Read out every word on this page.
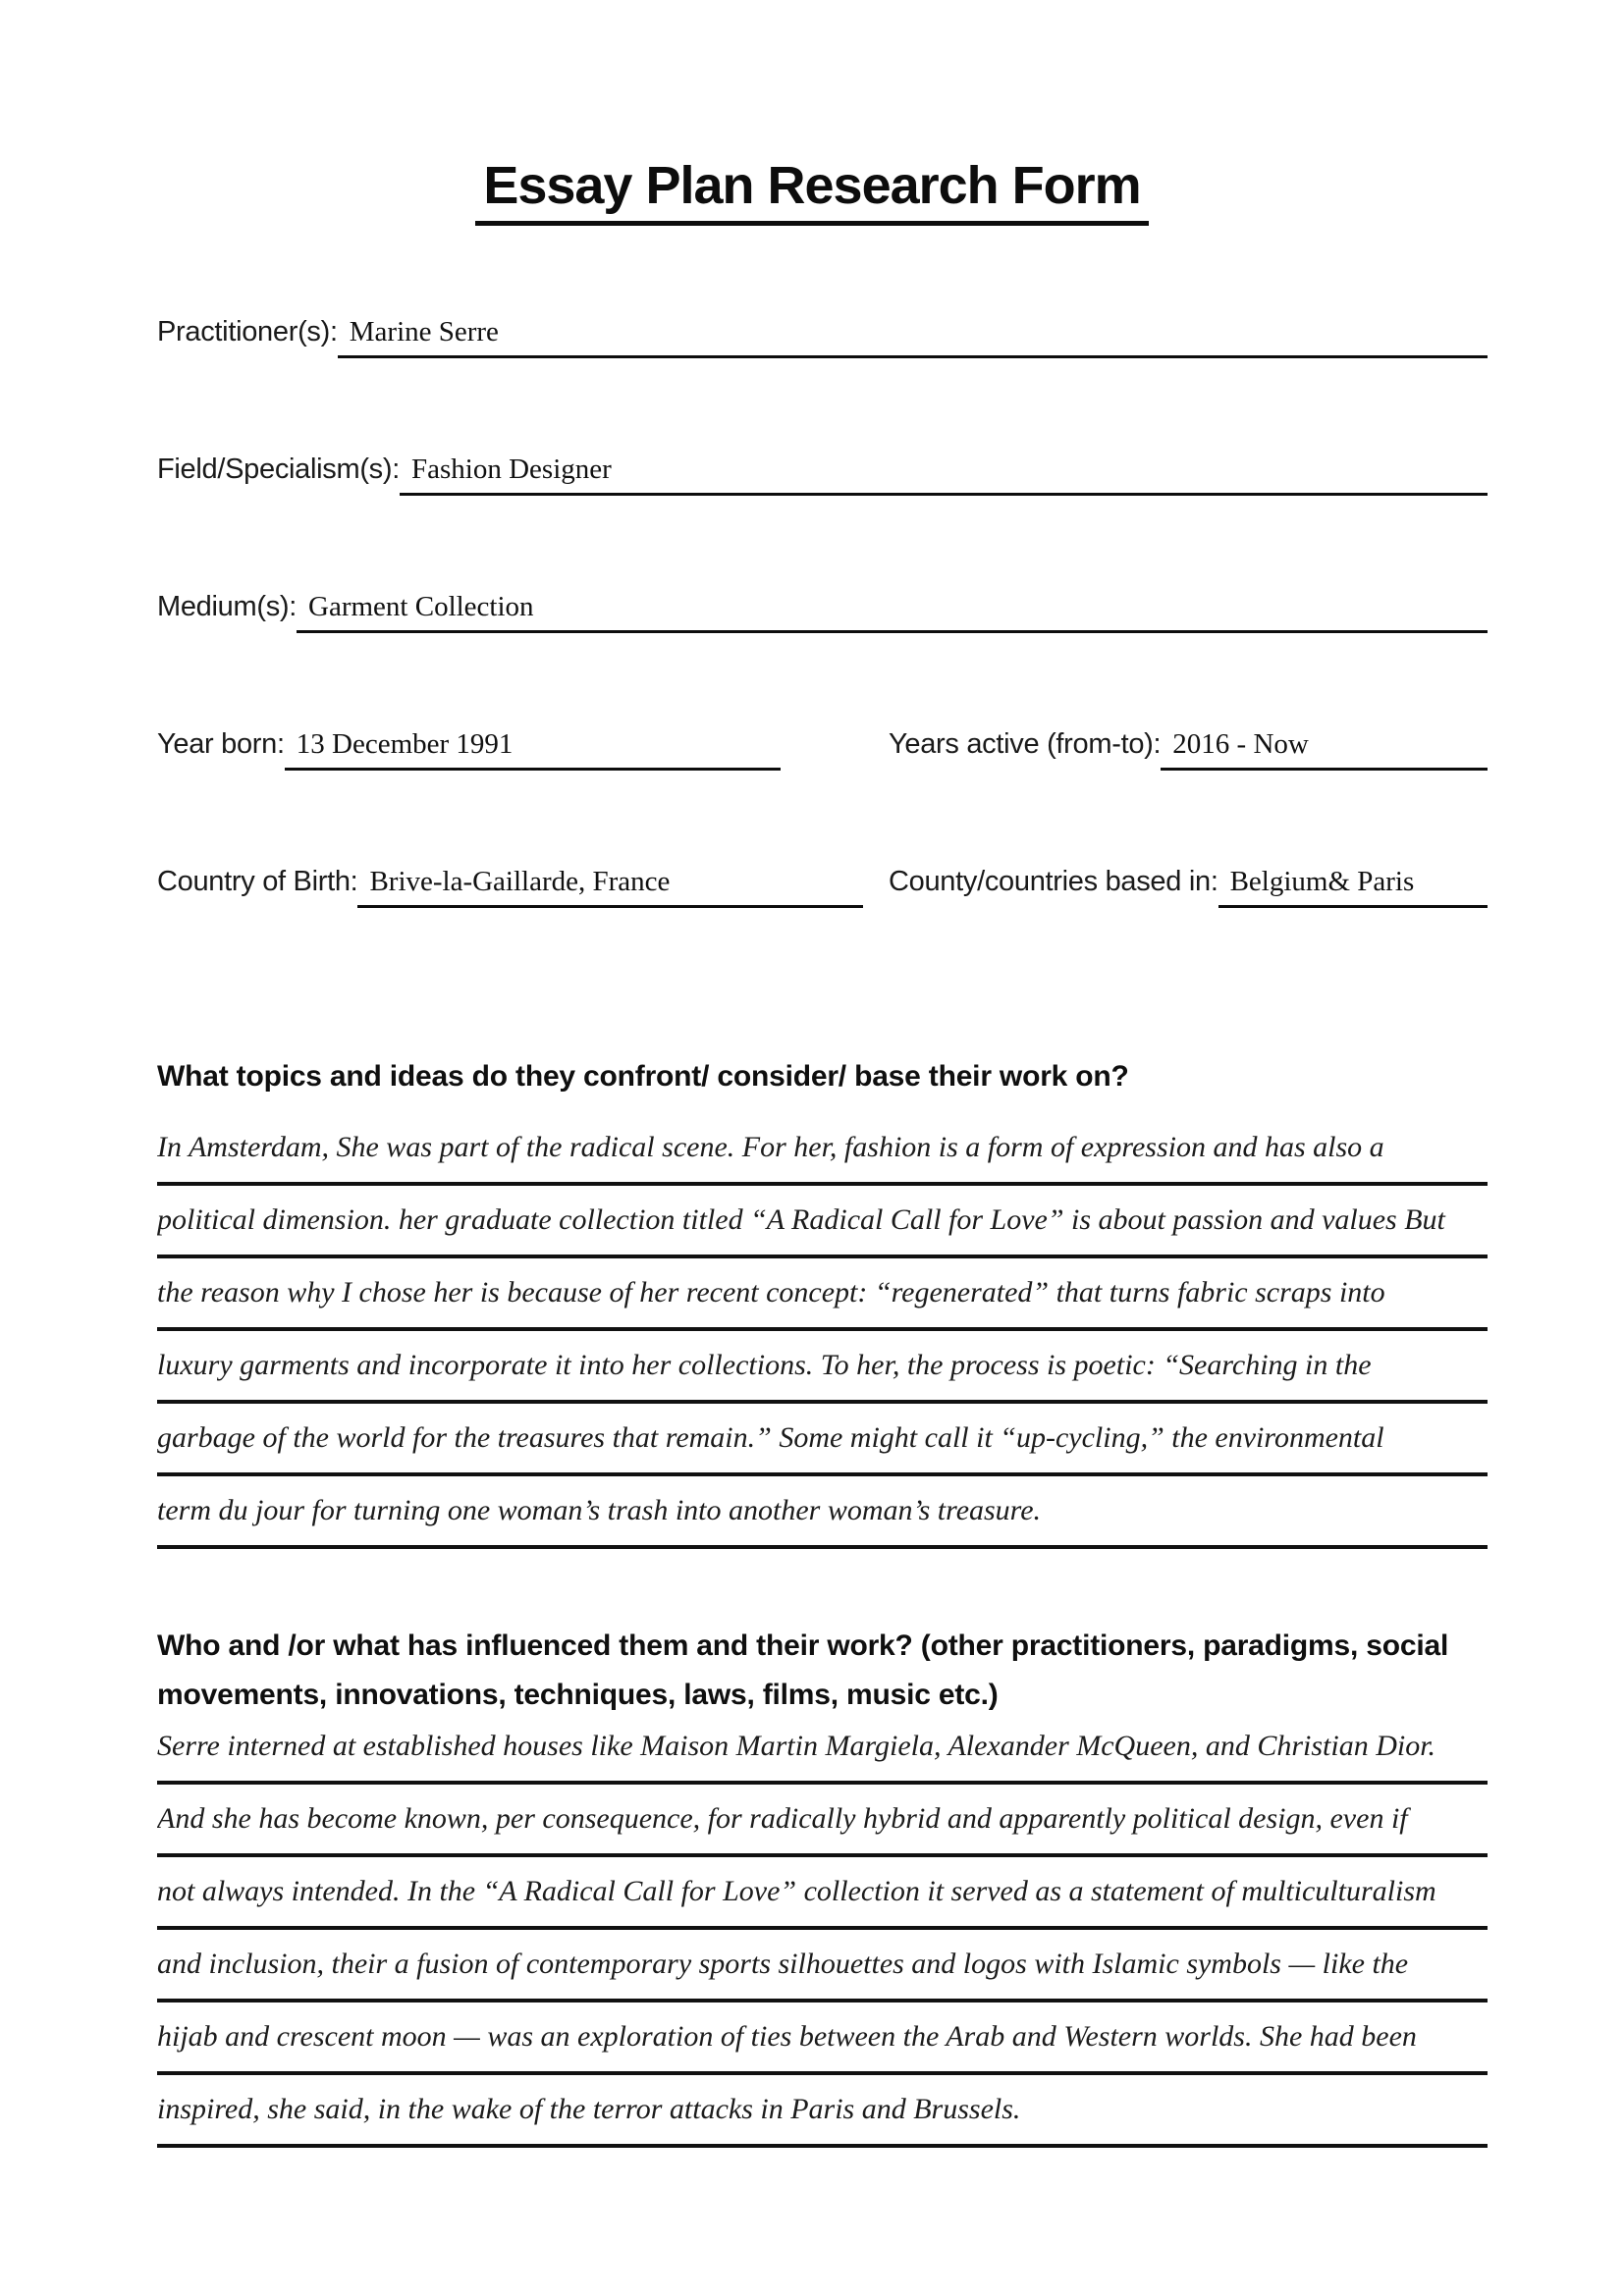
Essay Plan Research Form
Practitioner(s): Marine Serre
Field/Specialism(s): Fashion Designer
Medium(s): Garment Collection
Year born: 13 December 1991	Years active (from-to): 2016 - Now
Country of Birth: Brive-la-Gaillarde, France	County/countries based in: Belgium& Paris
What topics and ideas do they confront/ consider/ base their work on?
In Amsterdam, She was part of the radical scene. For her, fashion is a form of expression and has also a
political dimension. her graduate collection titled “A Radical Call for Love” is about passion and values But
the reason why I chose her is because of her recent concept: “regenerated” that turns fabric scraps into
luxury garments and incorporate it into her collections. To her, the process is poetic: “Searching in the
garbage of the world for the treasures that remain.” Some might call it “up-cycling,” the environmental
term du jour for turning one woman’s trash into another woman’s treasure.
Who and /or what has influenced them and their work? (other practitioners, paradigms, social movements, innovations, techniques, laws, films, music etc.)
Serre interned at established houses like Maison Martin Margiela, Alexander McQueen, and Christian Dior.
And she has become known, per consequence, for radically hybrid and apparently political design, even if
not always intended. In the “A Radical Call for Love” collection it served as a statement of multiculturalism
and inclusion, their a fusion of contemporary sports silhouettes and logos with Islamic symbols — like the
hijab and crescent moon — was an exploration of ties between the Arab and Western worlds. She had been
inspired, she said, in the wake of the terror attacks in Paris and Brussels.
